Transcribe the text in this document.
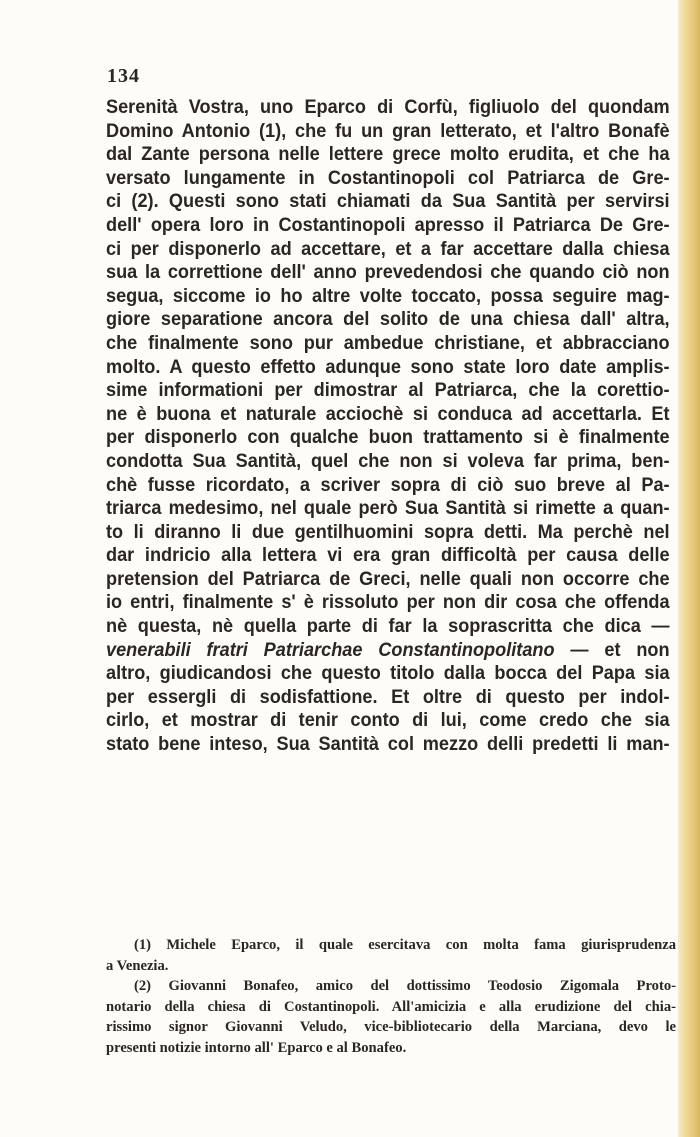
134
Serenità Vostra, uno Eparco di Corfù, figliuolo del quondam
Domino Antonio (1), che fu un gran letterato, et l'altro Bonafè
dal Zante persona nelle lettere grece molto erudita, et che ha
versato lungamente in Costantinopoli col Patriarca de Gre-
ci (2). Questi sono stati chiamati da Sua Santità per servirsi
dell' opera loro in Costantinopoli apresso il Patriarca De Gre-
ci per disponerlo ad accettare, et a far accettare dalla chiesa
sua la correttione dell' anno prevedendosi che quando ciò non
segua, siccome io ho altre volte toccato, possa seguire mag-
giore separatione ancora del solito de una chiesa dall' altra,
che finalmente sono pur ambedue christiane, et abbracciano
molto. A questo effetto adunque sono state loro date amplis-
sime informationi per dimostrar al Patriarca, che la corettio-
ne è buona et naturale acciochè si conduca ad accettarla. Et
per disponerlo con qualche buon trattamento si è finalmente
condotta Sua Santità, quel che non si voleva far prima, ben-
chè fusse ricordato, a scriver sopra di ciò suo breve al Pa-
triarca medesimo, nel quale però Sua Santità si rimette a quan-
to li diranno li due gentilhuomini sopra detti. Ma perchè nel
dar indricio alla lettera vi era gran difficoltà per causa delle
pretension del Patriarca de Greci, nelle quali non occorre che
io entri, finalmente s' è rissoluto per non dir cosa che offenda
nè questa, nè quella parte di far la soprascritta che dica —
venerabili fratri Patriarchae Constantinopolitano — et non
altro, giudicandosi che questo titolo dalla bocca del Papa sia
per essergli di sodisfattione. Et oltre di questo per indol-
cirlo, et mostrar di tenir conto di lui, come credo che sia
stato bene inteso, Sua Santità col mezzo delli predetti li man-
(1) Michele Eparco, il quale esercitava con molta fama giurisprudenza
a Venezia.
(2) Giovanni Bonafeo, amico del dottissimo Teodosio Zigomala Proto-
notario della chiesa di Costantinopoli. All'amicizia e alla erudizione del chia-
rissimo signor Giovanni Veludo, vice-bibliotecario della Marciana, devo le
presenti notizie intorno all' Eparco e al Bonafeo.
